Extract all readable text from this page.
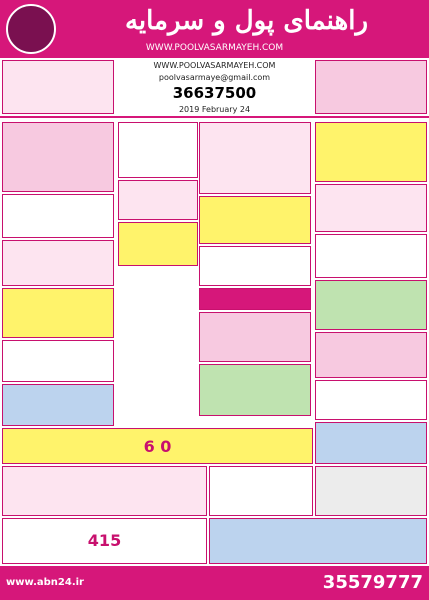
راهنمای پول و سرمایه
WWW.POOLVASARMAYEH.COM
WWW.POOLVASARMAYEH.COM
poolvasarmaye@gmail.com
36637500
2019 February 24
6 0
415
www.abn24.ir	35579777
